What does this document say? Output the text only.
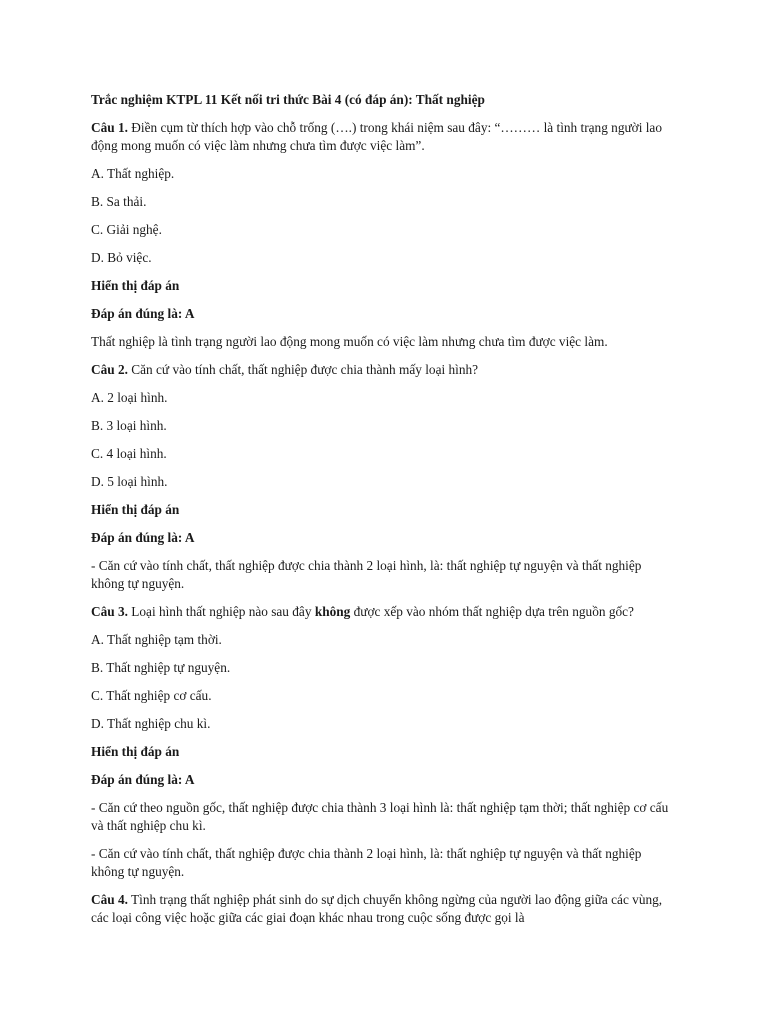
Trắc nghiệm KTPL 11 Kết nối tri thức Bài 4 (có đáp án): Thất nghiệp

Câu 1. Điền cụm từ thích hợp vào chỗ trống (….) trong khái niệm sau đây: “……… là tình trạng người lao động mong muốn có việc làm nhưng chưa tìm được việc làm”.

A. Thất nghiệp.

B. Sa thải.

C. Giải nghệ.

D. Bỏ việc.

Hiển thị đáp án

Đáp án đúng là: A

Thất nghiệp là tình trạng người lao động mong muốn có việc làm nhưng chưa tìm được việc làm.

Câu 2. Căn cứ vào tính chất, thất nghiệp được chia thành mấy loại hình?

A. 2 loại hình.

B. 3 loại hình.

C. 4 loại hình.

D. 5 loại hình.

Hiển thị đáp án

Đáp án đúng là: A

- Căn cứ vào tính chất, thất nghiệp được chia thành 2 loại hình, là: thất nghiệp tự nguyện và thất nghiệp không tự nguyện.

Câu 3. Loại hình thất nghiệp nào sau đây không được xếp vào nhóm thất nghiệp dựa trên nguồn gốc?

A. Thất nghiệp tạm thời.

B. Thất nghiệp tự nguyện.

C. Thất nghiệp cơ cấu.

D. Thất nghiệp chu kì.

Hiển thị đáp án

Đáp án đúng là: A

- Căn cứ theo nguồn gốc, thất nghiệp được chia thành 3 loại hình là: thất nghiệp tạm thời; thất nghiệp cơ cấu và thất nghiệp chu kì.

- Căn cứ vào tính chất, thất nghiệp được chia thành 2 loại hình, là: thất nghiệp tự nguyện và thất nghiệp không tự nguyện.

Câu 4. Tình trạng thất nghiệp phát sinh do sự dịch chuyển không ngừng của người lao động giữa các vùng, các loại công việc hoặc giữa các giai đoạn khác nhau trong cuộc sống được gọi là
